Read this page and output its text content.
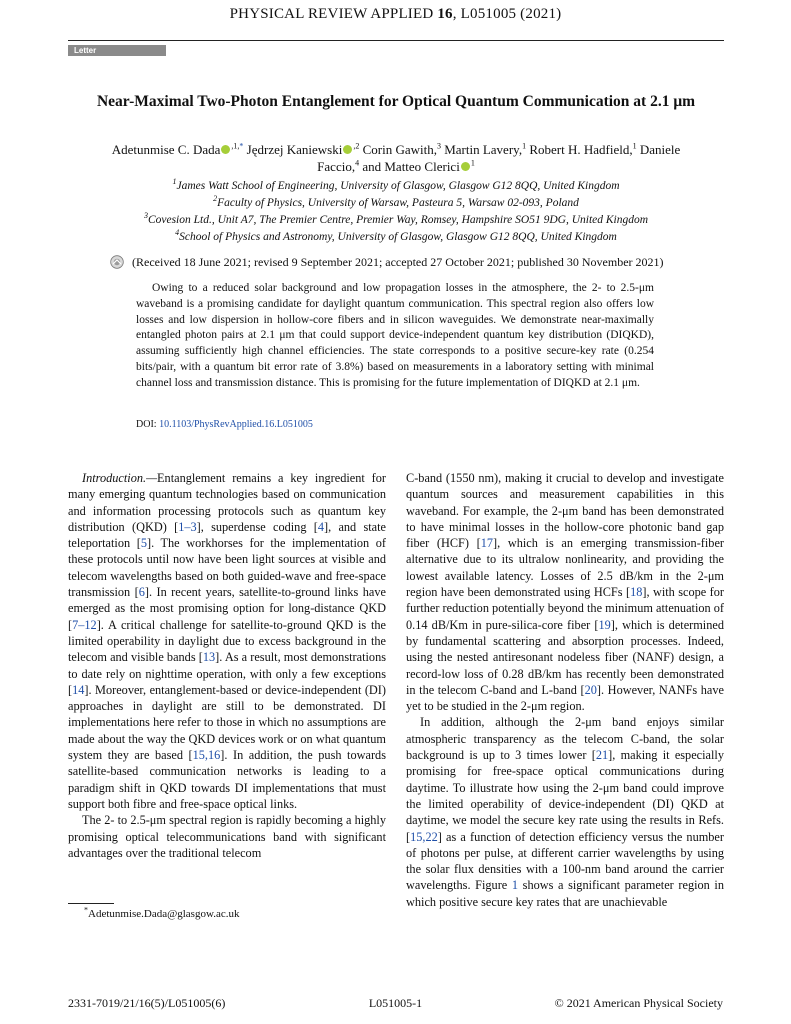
PHYSICAL REVIEW APPLIED 16, L051005 (2021)
Letter
Near-Maximal Two-Photon Entanglement for Optical Quantum Communication at 2.1 μm
Adetunmise C. Dada $^{,1,*}$ Jędrzej Kaniewski $^{,2}$ Corin Gawith,$^3$ Martin Lavery,$^1$ Robert H. Hadfield,$^1$ Daniele Faccio,$^4$ and Matteo Clerici $^1$
$^1$James Watt School of Engineering, University of Glasgow, Glasgow G12 8QQ, United Kingdom
$^2$Faculty of Physics, University of Warsaw, Pasteura 5, Warsaw 02-093, Poland
$^3$Covesion Ltd., Unit A7, The Premier Centre, Premier Way, Romsey, Hampshire SO51 9DG, United Kingdom
$^4$School of Physics and Astronomy, University of Glasgow, Glasgow G12 8QQ, United Kingdom
(Received 18 June 2021; revised 9 September 2021; accepted 27 October 2021; published 30 November 2021)
Owing to a reduced solar background and low propagation losses in the atmosphere, the 2- to 2.5-μm waveband is a promising candidate for daylight quantum communication. This spectral region also offers low losses and low dispersion in hollow-core fibers and in silicon waveguides. We demonstrate near-maximally entangled photon pairs at 2.1 μm that could support device-independent quantum key distribution (DIQKD), assuming sufficiently high channel efficiencies. The state corresponds to a positive secure-key rate (0.254 bits/pair, with a quantum bit error rate of 3.8%) based on measurements in a laboratory setting with minimal channel loss and transmission distance. This is promising for the future implementation of DIQKD at 2.1 μm.
DOI: 10.1103/PhysRevApplied.16.L051005

Introduction.—Entanglement remains a key ingredient for many emerging quantum technologies based on communication and information processing protocols such as quantum key distribution (QKD) [1–3], superdense coding [4], and state teleportation [5]. The workhorses for the implementation of these protocols until now have been light sources at visible and telecom wavelengths based on both guided-wave and free-space transmission [6]. In recent years, satellite-to-ground links have emerged as the most promising option for long-distance QKD [7–12]. A critical challenge for satellite-to-ground QKD is the limited operability in daylight due to excess background in the telecom and visible bands [13]. As a result, most demonstrations to date rely on nighttime operation, with only a few exceptions [14]. Moreover, entanglement-based or device-independent (DI) approaches in daylight are still to be demonstrated. DI implementations here refer to those in which no assumptions are made about the way the QKD devices work or on what quantum system they are based [15,16]. In addition, the push towards satellite-based communication networks is leading to a paradigm shift in QKD towards DI implementations that must support both fibre and free-space optical links.

The 2- to 2.5-μm spectral region is rapidly becoming a highly promising optical telecommunications band with significant advantages over the traditional telecom

C-band (1550 nm), making it crucial to develop and investigate quantum sources and measurement capabilities in this waveband. For example, the 2-μm band has been demonstrated to have minimal losses in the hollow-core photonic band gap fiber (HCF) [17], which is an emerging transmission-fiber alternative due to its ultralow nonlinearity, and providing the lowest available latency. Losses of 2.5 dB/km in the 2-μm region have been demonstrated using HCFs [18], with scope for further reduction potentially beyond the minimum attenuation of 0.14 dB/Km in pure-silica-core fiber [19], which is determined by fundamental scattering and absorption processes. Indeed, using the nested antiresonant nodeless fiber (NANF) design, a record-low loss of 0.28 dB/km has recently been demonstrated in the telecom C-band and L-band [20]. However, NANFs have yet to be studied in the 2-μm region.

In addition, although the 2-μm band enjoys similar atmospheric transparency as the telecom C-band, the solar background is up to 3 times lower [21], making it especially promising for free-space optical communications during daytime. To illustrate how using the 2-μm band could improve the limited operability of device-independent (DI) QKD at daytime, we model the secure key rate using the results in Refs. [15,22] as a function of detection efficiency versus the number of photons per pulse, at different carrier wavelengths by using the solar flux densities with a 100-nm band around the carrier wavelengths. Figure 1 shows a significant parameter region in which positive secure key rates that are unachievable

*Adetunmise.Dada@glasgow.ac.uk
2331-7019/21/16(5)/L051005(6)	L051005-1	© 2021 American Physical Society
